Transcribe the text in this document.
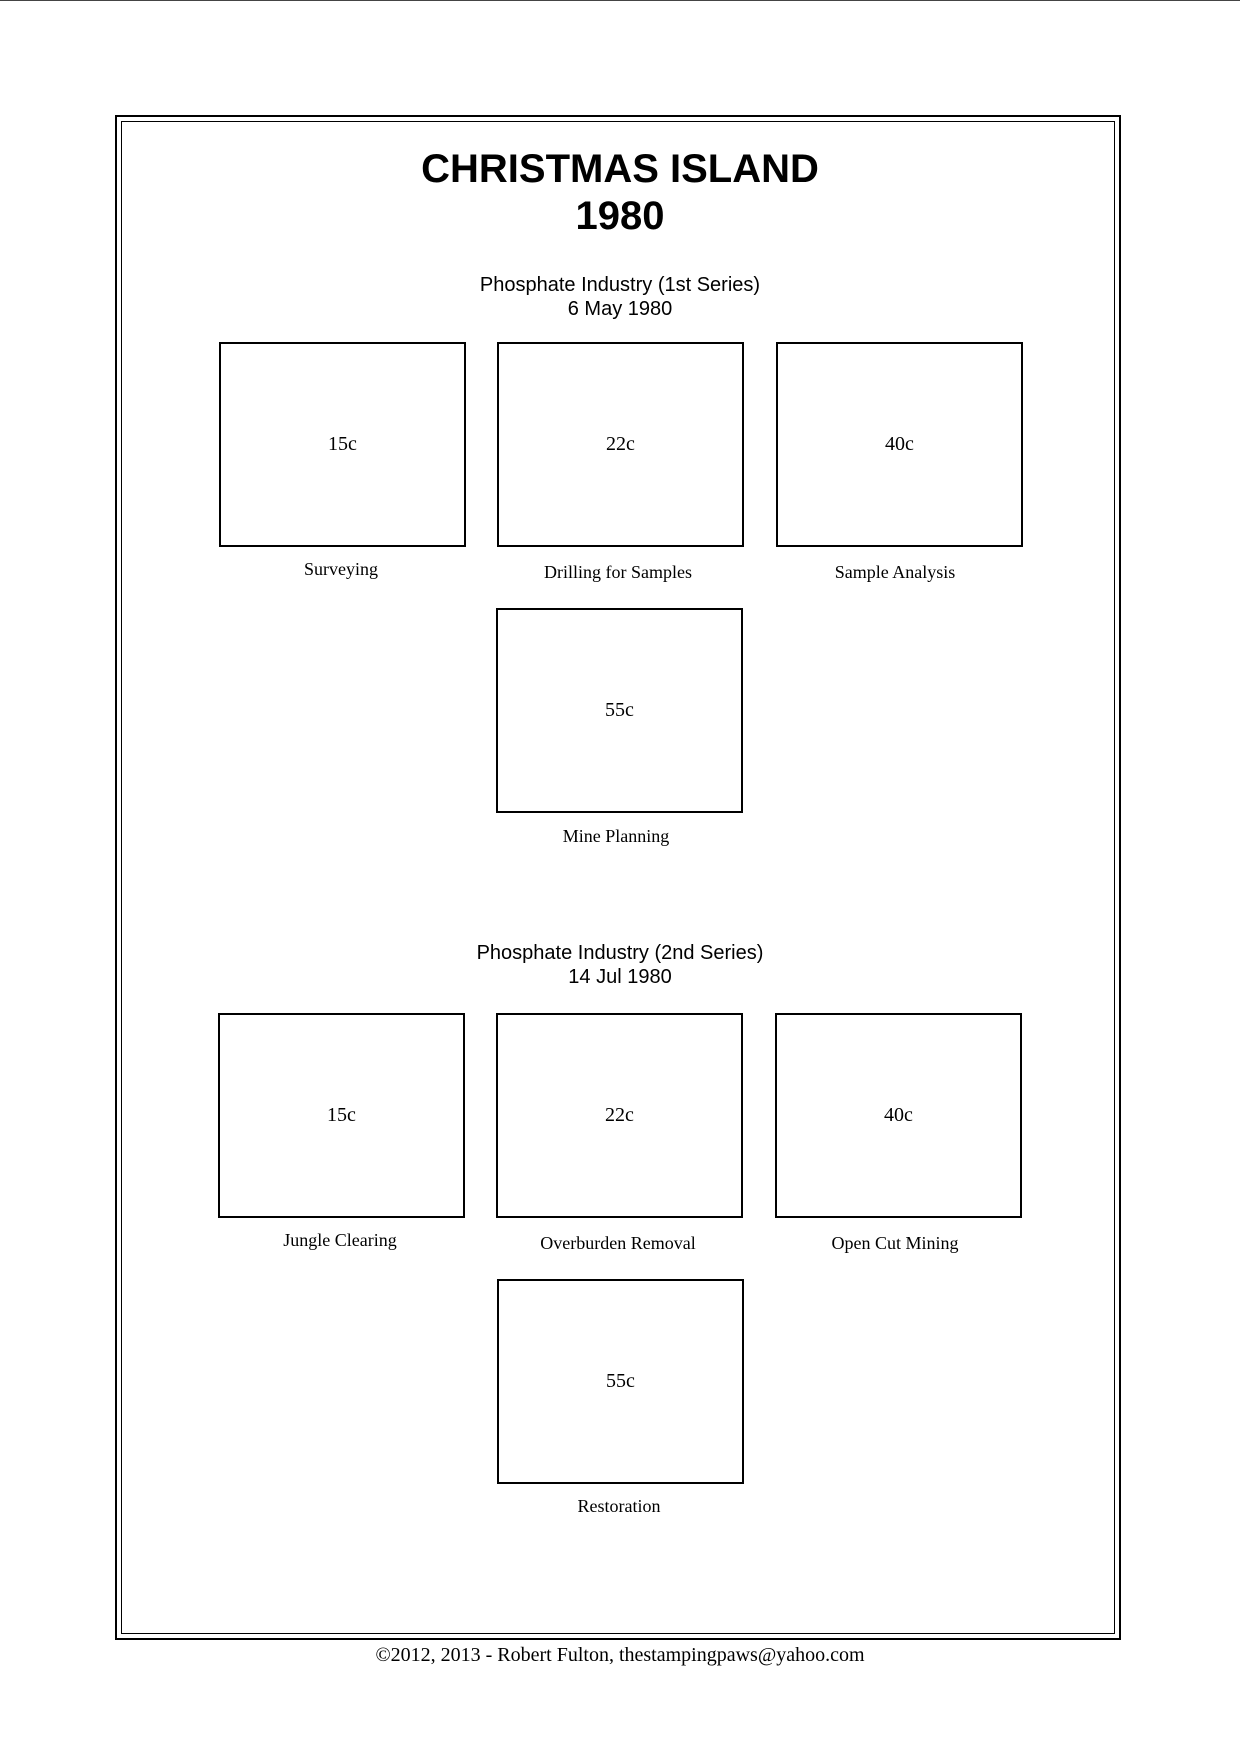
CHRISTMAS ISLAND
1980
Phosphate Industry (1st Series)
6 May 1980
15c
Surveying
22c
Drilling for Samples
40c
Sample Analysis
55c
Mine Planning
Phosphate Industry (2nd Series)
14 Jul 1980
15c
Jungle Clearing
22c
Overburden Removal
40c
Open Cut Mining
55c
Restoration
©2012, 2013 - Robert Fulton, thestampingpaws@yahoo.com
